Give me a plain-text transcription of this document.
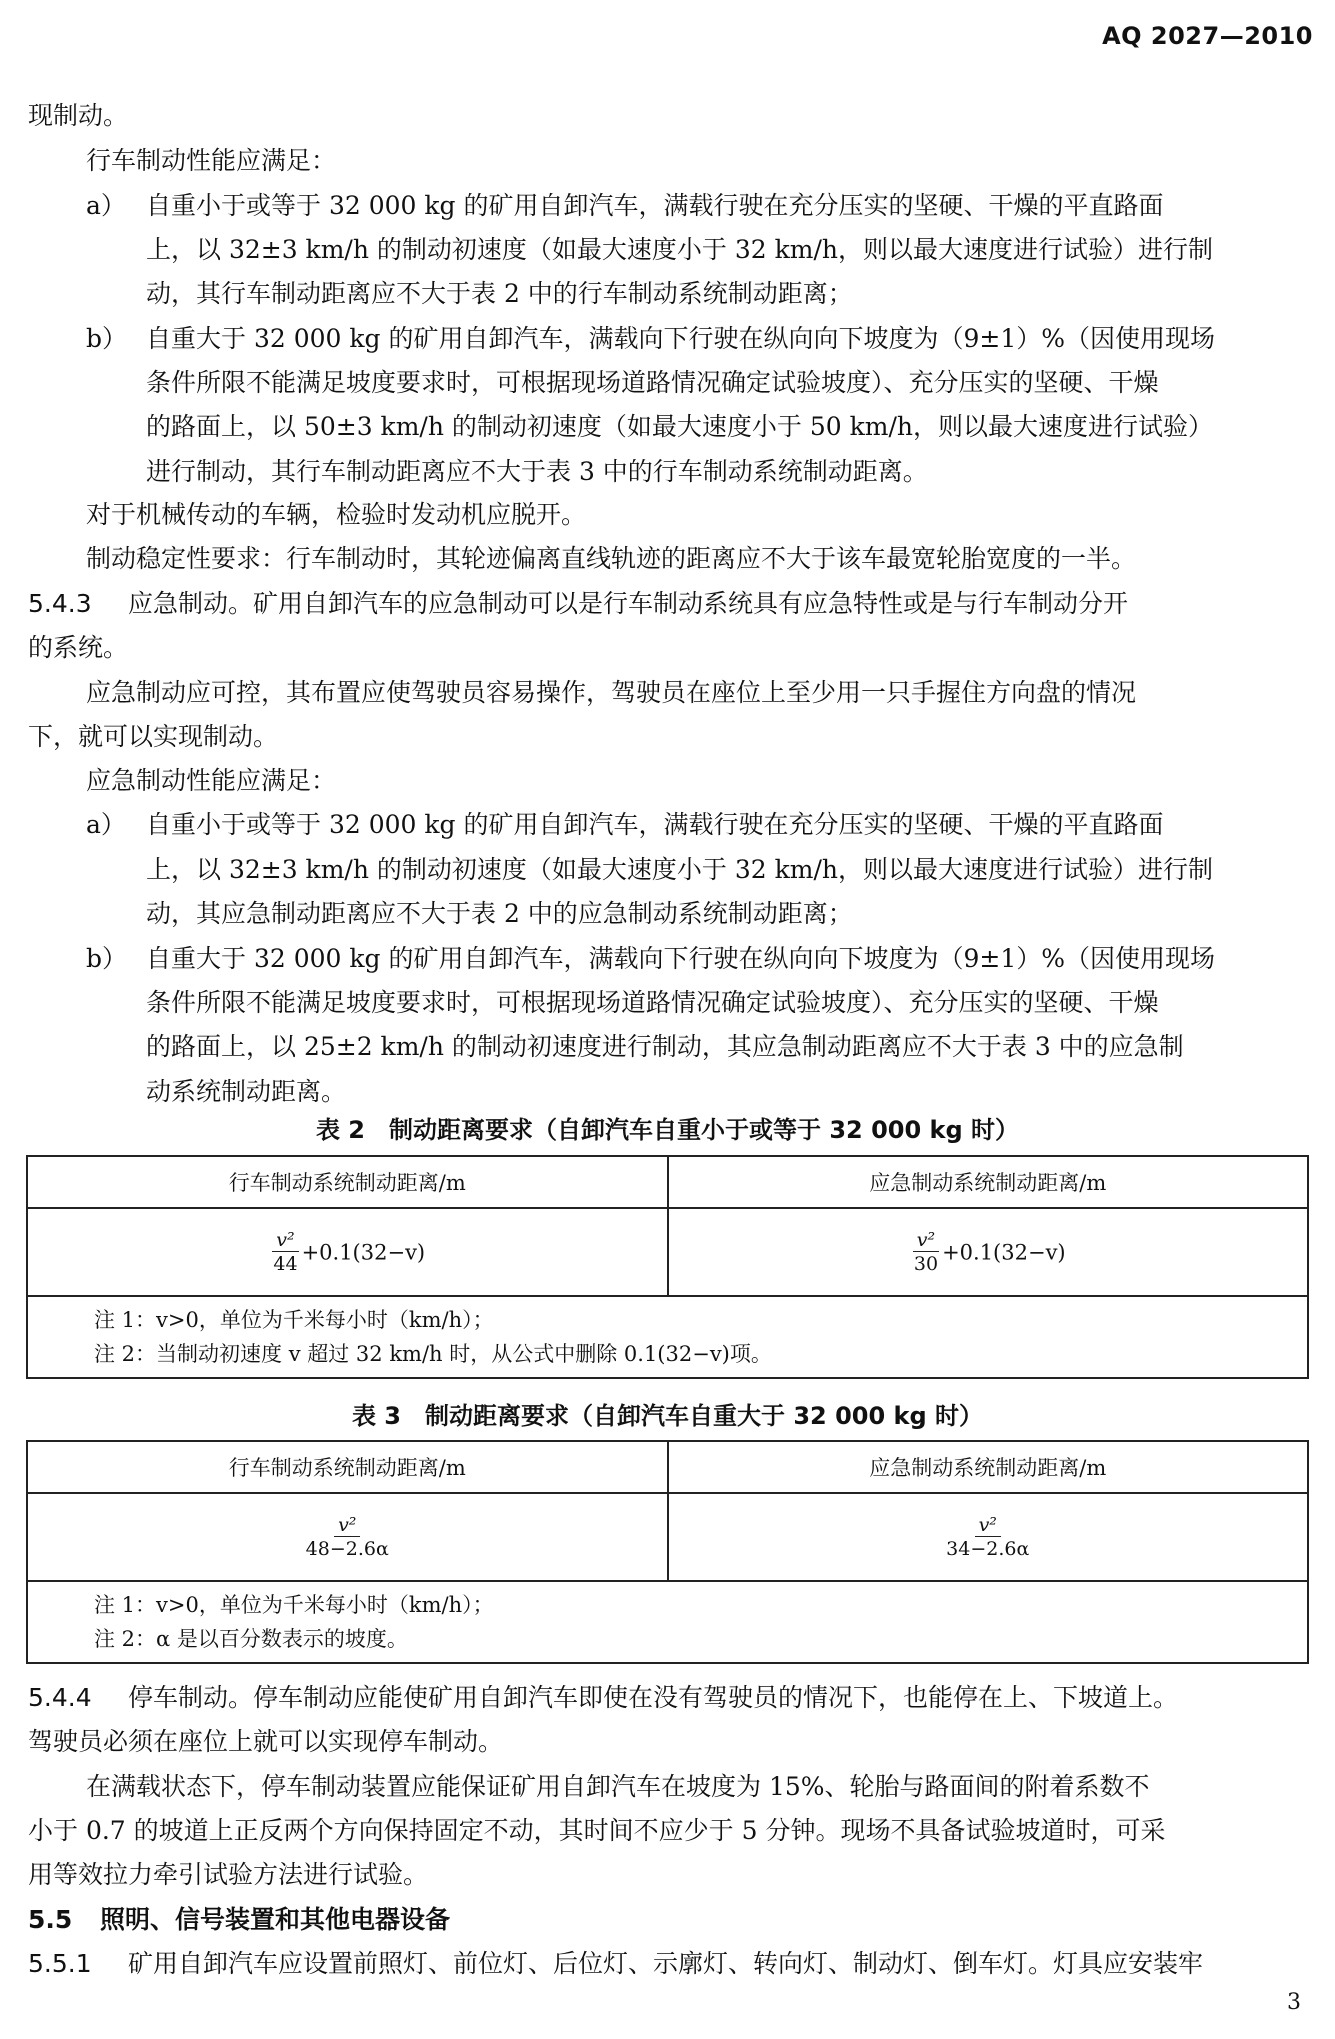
AQ 2027—2010
现制动。
行车制动性能应满足：
a） 自重小于或等于 32 000 kg 的矿用自卸汽车，满载行驶在充分压实的坚硬、干燥的平直路面
上，以 32±3 km/h 的制动初速度（如最大速度小于 32 km/h，则以最大速度进行试验）进行制
动，其行车制动距离应不大于表 2 中的行车制动系统制动距离；
b） 自重大于 32 000 kg 的矿用自卸汽车，满载向下行驶在纵向向下坡度为（9±1）%（因使用现场
条件所限不能满足坡度要求时，可根据现场道路情况确定试验坡度）、充分压实的坚硬、干燥
的路面上，以 50±3 km/h 的制动初速度（如最大速度小于 50 km/h，则以最大速度进行试验）
进行制动，其行车制动距离应不大于表 3 中的行车制动系统制动距离。
对于机械传动的车辆，检验时发动机应脱开。
制动稳定性要求：行车制动时，其轮迹偏离直线轨迹的距离应不大于该车最宽轮胎宽度的一半。
5.4.3 应急制动。矿用自卸汽车的应急制动可以是行车制动系统具有应急特性或是与行车制动分开
的系统。
应急制动应可控，其布置应使驾驶员容易操作，驾驶员在座位上至少用一只手握住方向盘的情况
下，就可以实现制动。
应急制动性能应满足：
a） 自重小于或等于 32 000 kg 的矿用自卸汽车，满载行驶在充分压实的坚硬、干燥的平直路面
上，以 32±3 km/h 的制动初速度（如最大速度小于 32 km/h，则以最大速度进行试验）进行制
动，其应急制动距离应不大于表 2 中的应急制动系统制动距离；
b） 自重大于 32 000 kg 的矿用自卸汽车，满载向下行驶在纵向向下坡度为（9±1）%（因使用现场
条件所限不能满足坡度要求时，可根据现场道路情况确定试验坡度）、充分压实的坚硬、干燥
的路面上，以 25±2 km/h 的制动初速度进行制动，其应急制动距离应不大于表 3 中的应急制
动系统制动距离。
表 2　制动距离要求（自卸汽车自重小于或等于 32 000 kg 时）
行车制动系统制动距离/m	应急制动系统制动距离/m

$\frac{\text{v²}}{44} +0.1(32-v)$	$\frac{\text{v²}}{30} +0.1(32-v)$

注 1：v>0，单位为千米每小时（km/h）；
注 2：当制动初速度 v 超过 32 km/h 时，从公式中删除 0.1(32−v)项。	
表 3　制动距离要求（自卸汽车自重大于 32 000 kg 时）
行车制动系统制动距离/m	应急制动系统制动距离/m

$\frac{\text{v²}}{48-2.6\alpha}$	$\frac{\text{v²}}{34-2.6\alpha}$

注 1：v>0，单位为千米每小时（km/h）；
注 2：α 是以百分数表示的坡度。	
5.4.4 停车制动。停车制动应能使矿用自卸汽车即使在没有驾驶员的情况下，也能停在上、下坡道上。
驾驶员必须在座位上就可以实现停车制动。
在满载状态下，停车制动装置应能保证矿用自卸汽车在坡度为 15%、轮胎与路面间的附着系数不
小于 0.7 的坡道上正反两个方向保持固定不动，其时间不应少于 5 分钟。现场不具备试验坡道时，可采
用等效拉力牵引试验方法进行试验。
5.5 照明、信号装置和其他电器设备
5.5.1 矿用自卸汽车应设置前照灯、前位灯、后位灯、示廓灯、转向灯、制动灯、倒车灯。灯具应安装牢
3
